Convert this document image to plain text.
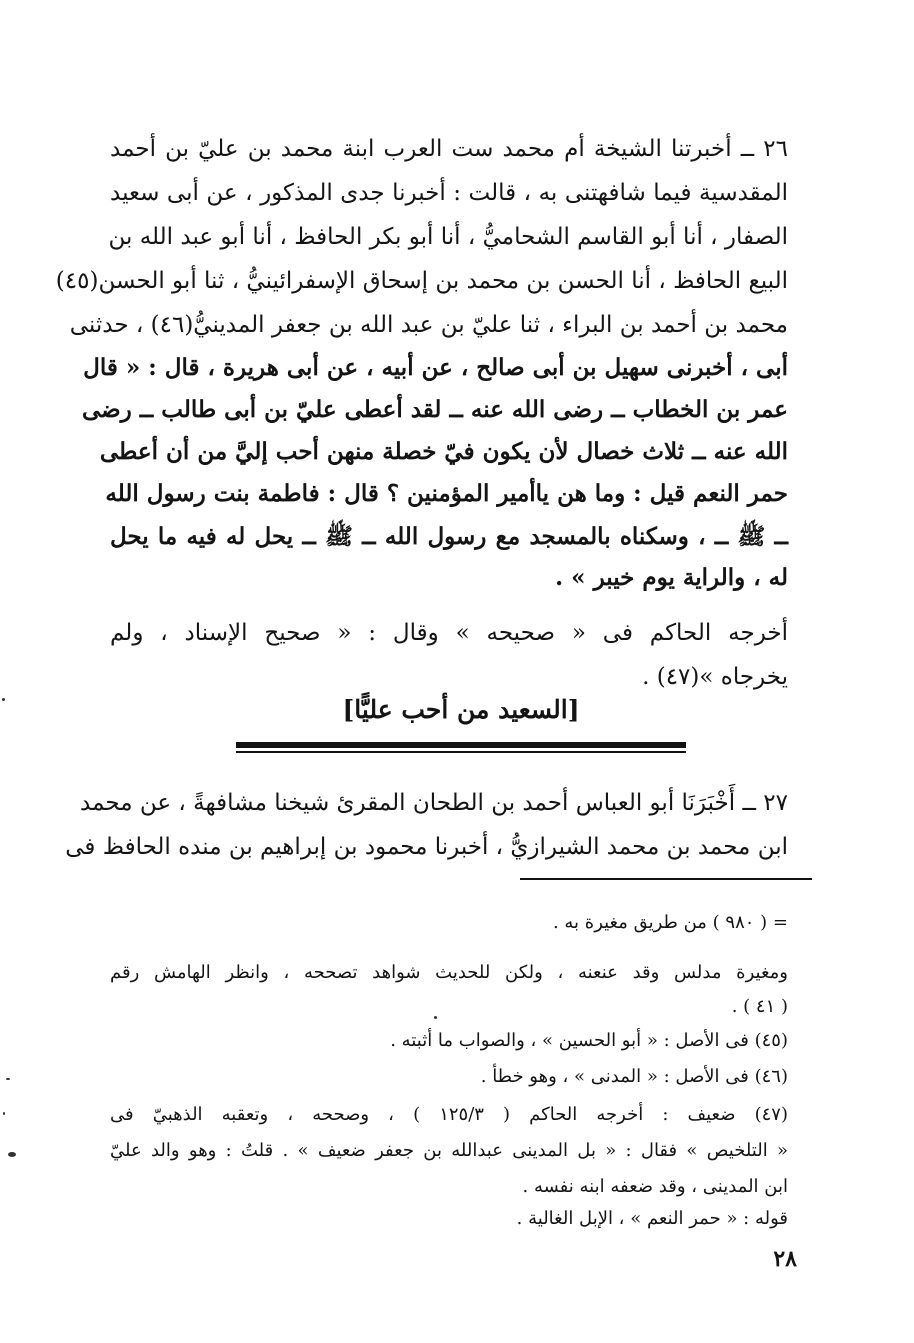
٢٦ ــ أخبرتنا الشيخة أم محمد ست العرب ابنة محمد بن عليّ بن أحمد
المقدسية فيما شافهتنى به ، قالت : أخبرنا جدى المذكور ، عن أبى سعيد
الصفار ، أنا أبو القاسم الشحاميُّ ، أنا أبو بكر الحافظ ، أنا أبو عبد الله بن
البيع الحافظ ، أنا الحسن بن محمد بن إسحاق الإسفرائينيُّ ، ثنا أبو الحسن(٤٥)
محمد بن أحمد بن البراء ، ثنا عليّ بن عبد الله بن جعفر المدينيُّ(٤٦) ، حدثنى
أبى ، أخبرنى سهيل بن أبى صالح ، عن أبيه ، عن أبى هريرة ، قال : « قال
عمر بن الخطاب ــ رضى الله عنه ــ لقد أعطى عليّ بن أبى طالب ــ رضى
الله عنه ــ ثلاث خصال لأن يكون فيّ خصلة منهن أحب إليَّ من أن أعطى
حمر النعم قيل : وما هن ياأمير المؤمنين ؟ قال : فاطمة بنت رسول الله
ــ ﷺ ــ ، وسكناه بالمسجد مع رسول الله ــ ﷺ ــ يحل له فيه ما يحل
له ، والراية يوم خيبر » .
أخرجه الحاكم فى « صحيحه » وقال : « صحيح الإسناد ، ولم
يخرجاه »(٤٧) .
[السعيد من أحب عليًّا]
٢٧ ــ أَخْبَرَنَا أبو العباس أحمد بن الطحان المقرئ شيخنا مشافهةً ، عن محمد
ابن محمد بن محمد الشيرازيُّ ، أخبرنا محمود بن إبراهيم بن منده الحافظ فى
= ( ٩٨٠ ) من طريق مغيرة به .
ومغيرة مدلس وقد عنعنه ، ولكن للحديث شواهد تصححه ، وانظر الهامش رقم
( ٤١ ) .
(٤٥) فى الأصل : « أبو الحسين » ، والصواب ما أثبته .
(٤٦) فى الأصل : « المدنى » ، وهو خطأ .
(٤٧) ضعيف : أخرجه الحاكم ( ١٢٥/٣ ) ، وصححه ، وتعقبه الذهبيّ فى
« التلخيص » فقال : « بل المدينى عبدالله بن جعفر ضعيف » . قلتُ : وهو والد عليّ
ابن المدينى ، وقد ضعفه ابنه نفسه .
قوله : « حمر النعم » ، الإبل الغالية .
٢٨
